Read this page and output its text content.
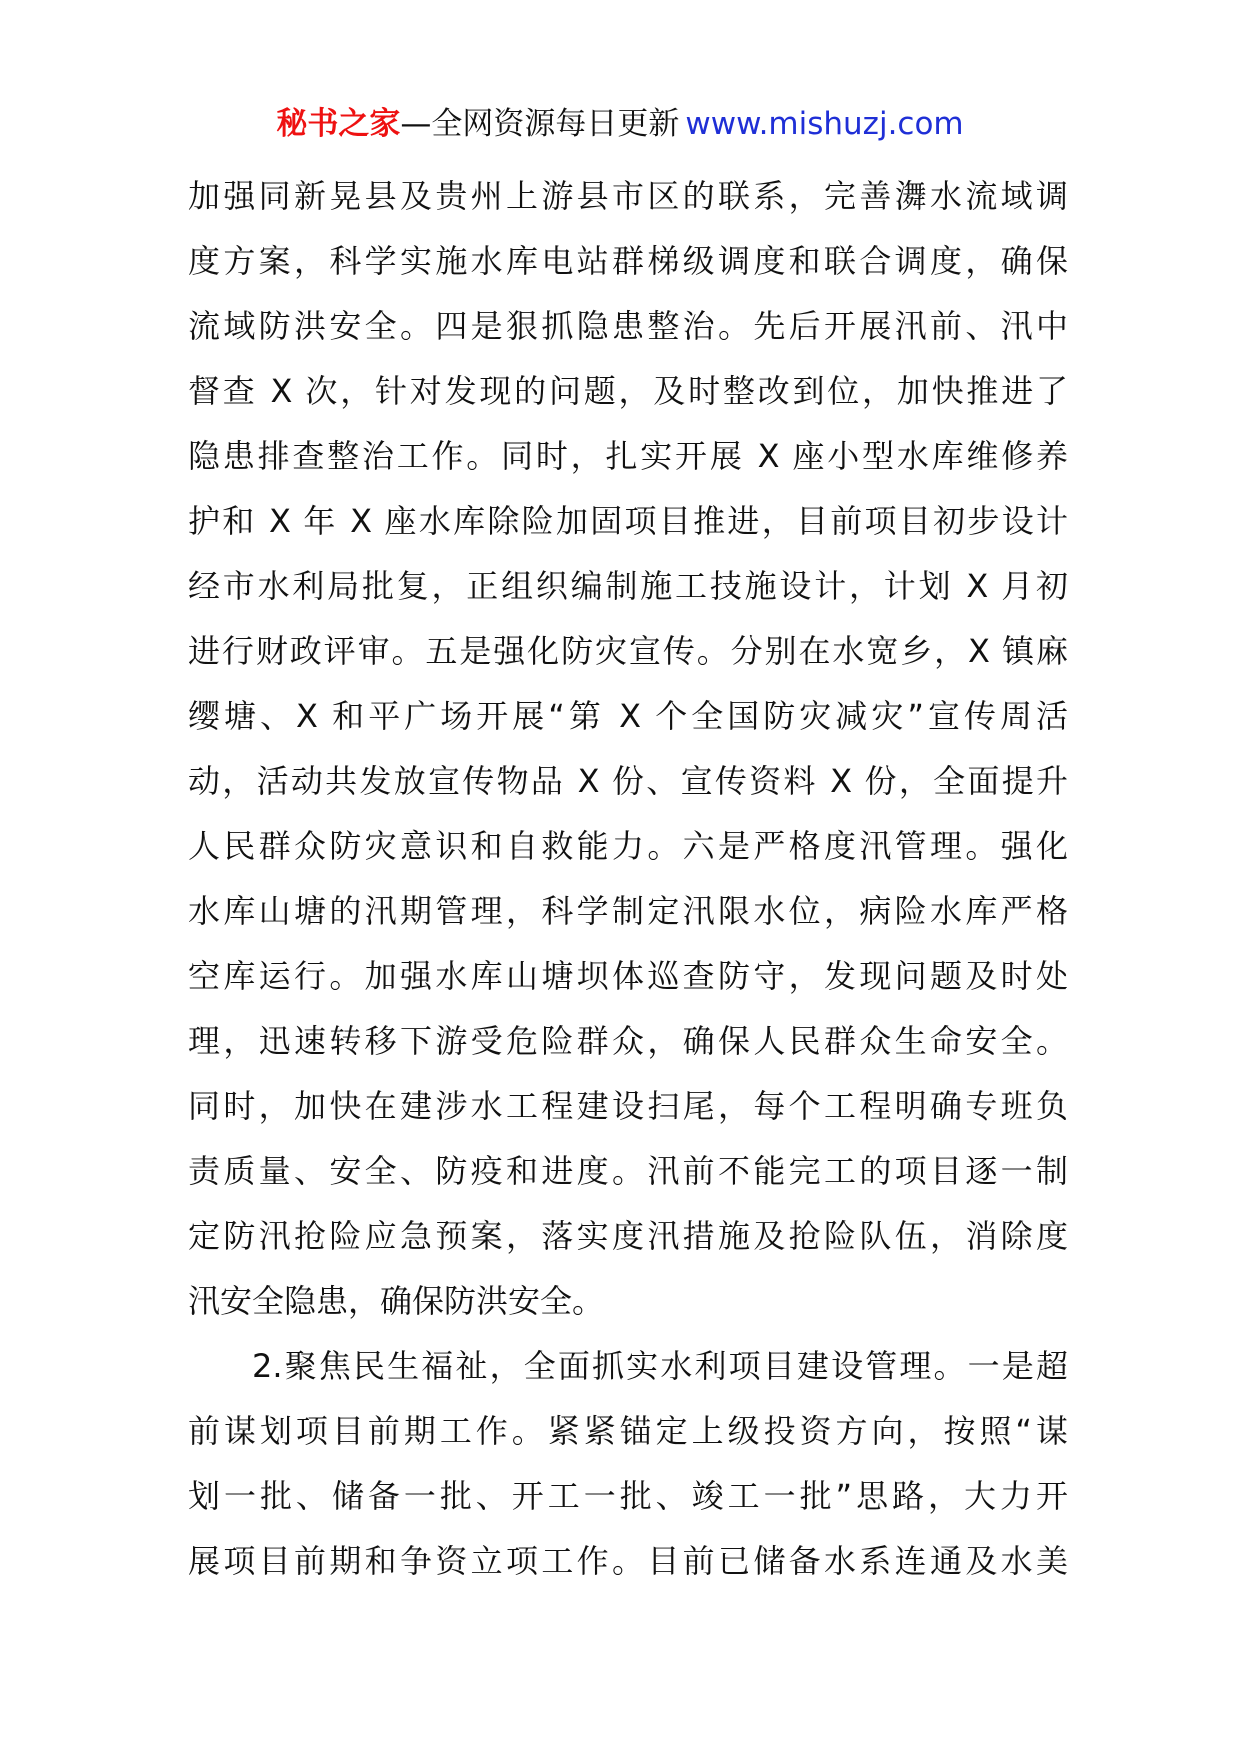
秘书之家—全网资源每日更新 www.mishuzj.com
加强同新晃县及贵州上游县市区的联系，完善㵲水流域调
度方案，科学实施水库电站群梯级调度和联合调度，确保
流域防洪安全。四是狠抓隐患整治。先后开展汛前、汛中
督查 X 次，针对发现的问题，及时整改到位，加快推进了
隐患排查整治工作。同时，扎实开展 X 座小型水库维修养
护和 X 年 X 座水库除险加固项目推进，目前项目初步设计
经市水利局批复，正组织编制施工技施设计，计划 X 月初
进行财政评审。五是强化防灾宣传。分别在水宽乡，X 镇麻
缨塘、X 和平广场开展“第 X 个全国防灾减灾”宣传周活
动，活动共发放宣传物品 X 份、宣传资料 X 份，全面提升
人民群众防灾意识和自救能力。六是严格度汛管理。强化
水库山塘的汛期管理，科学制定汛限水位，病险水库严格
空库运行。加强水库山塘坝体巡查防守，发现问题及时处
理，迅速转移下游受危险群众，确保人民群众生命安全。
同时，加快在建涉水工程建设扫尾，每个工程明确专班负
责质量、安全、防疫和进度。汛前不能完工的项目逐一制
定防汛抢险应急预案，落实度汛措施及抢险队伍，消除度
汛安全隐患，确保防洪安全。
2.聚焦民生福祉，全面抓实水利项目建设管理。一是超
前谋划项目前期工作。紧紧锚定上级投资方向，按照“谋
划一批、储备一批、开工一批、竣工一批”思路，大力开
展项目前期和争资立项工作。目前已储备水系连通及水美
